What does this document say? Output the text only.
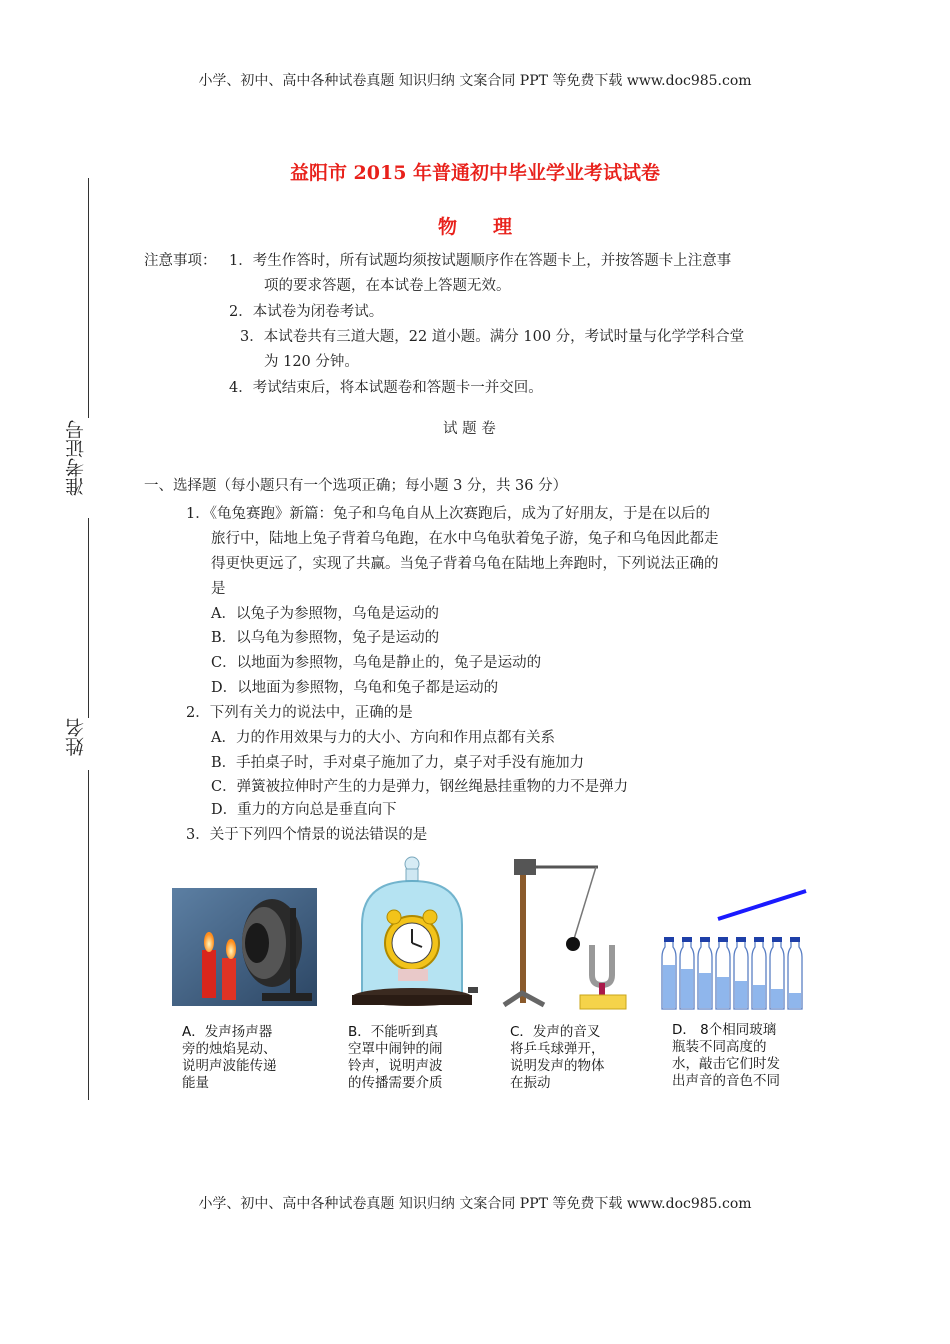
小学、初中、高中各种试卷真题 知识归纳 文案合同 PPT 等免费下载 www.doc985.com
小学、初中、高中各种试卷真题 知识归纳 文案合同 PPT 等免费下载 www.doc985.com
益阳市 2015 年普通初中毕业学业考试试卷
物理
准考证号
姓名
注意事项： 1．考生作答时，所有试题均须按试题顺序作在答题卡上，并按答题卡上注意事
项的要求答题，在本试卷上答题无效。
2．本试卷为闭卷考试。
3．本试卷共有三道大题，22 道小题。满分 100 分，考试时量与化学学科合堂
为 120 分钟。
4．考试结束后，将本试题卷和答题卡一并交回。
试 题 卷
一、选择题（每小题只有一个选项正确；每小题 3 分，共 36 分）
1．《龟兔赛跑》新篇：兔子和乌龟自从上次赛跑后，成为了好朋友，于是在以后的
旅行中，陆地上兔子背着乌龟跑，在水中乌龟驮着兔子游，兔子和乌龟因此都走
得更快更远了，实现了共赢。当兔子背着乌龟在陆地上奔跑时，下列说法正确的
是
A．以兔子为参照物，乌龟是运动的
B．以乌龟为参照物，兔子是运动的
C．以地面为参照物，乌龟是静止的，兔子是运动的
D．以地面为参照物，乌龟和兔子都是运动的
2．下列有关力的说法中，正确的是
A．力的作用效果与力的大小、方向和作用点都有关系
B．手拍桌子时，手对桌子施加了力，桌子对手没有施加力
C．弹簧被拉伸时产生的力是弹力，钢丝绳悬挂重物的力不是弹力
D．重力的方向总是垂直向下
3．关于下列四个情景的说法错误的是
A．发声扬声器
旁的烛焰晃动、
说明声波能传递
能量
B．不能听到真
空罩中闹钟的闹
铃声，说明声波
的传播需要介质
C．发声的音叉
将乒乓球弹开，
说明发声的物体
在振动
D． 8个相同玻璃
瓶装不同高度的
水，敲击它们时发
出声音的音色不同
